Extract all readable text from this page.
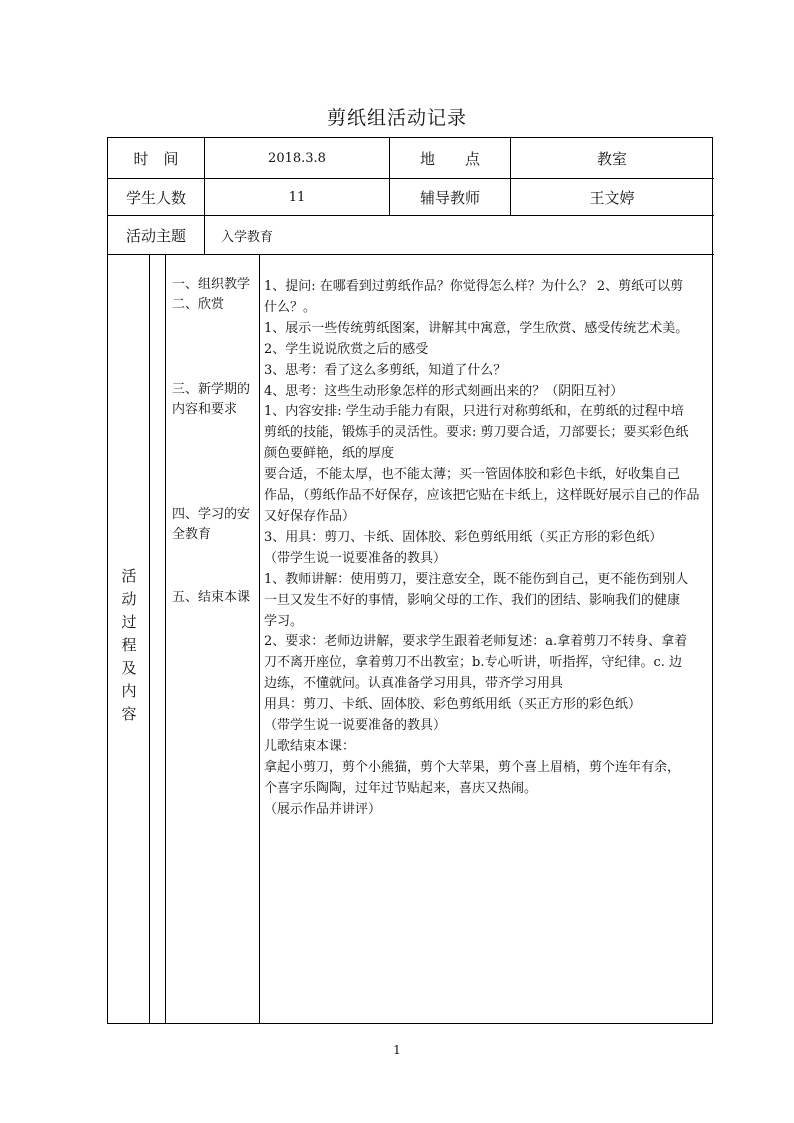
剪纸组活动记录
时　间	2018.3.8	地　　点	教室
学生人数	11	辅导教师	王文婷
活动主题	入学教育
活
动
过
程
及
内
容
一、组织教学
二、欣赏
三、新学期的
内容和要求
四、学习的安
全教育
五、结束本课
1、提问: 在哪看到过剪纸作品？你觉得怎么样？为什么？ 2、剪纸可以剪
什么？。
1、展示一些传统剪纸图案，讲解其中寓意，学生欣赏、感受传统艺术美。
2、学生说说欣赏之后的感受
3、思考：看了这么多剪纸，知道了什么？
4、思考：这些生动形象怎样的形式刻画出来的？（阴阳互衬）
1、内容安排: 学生动手能力有限，只进行对称剪纸和，在剪纸的过程中培
剪纸的技能，锻炼手的灵活性。要求: 剪刀要合适，刀部要长；要买彩色纸
颜色要鲜艳，纸的厚度
要合适，不能太厚，也不能太薄；买一管固体胶和彩色卡纸，好收集自己
作品，（剪纸作品不好保存，应该把它贴在卡纸上，这样既好展示自己的作品
又好保存作品）
3、用具：剪刀、卡纸、固体胶、彩色剪纸用纸（买正方形的彩色纸）
（带学生说一说要准备的教具）
1、教师讲解：使用剪刀，要注意安全，既不能伤到自己，更不能伤到别人
一旦又发生不好的事情，影响父母的工作、我们的团结、影响我们的健康
学习。
2、要求：老师边讲解，要求学生跟着老师复述：a.拿着剪刀不转身、拿着
刀不离开座位，拿着剪刀不出教室；b.专心听讲，听指挥，守纪律。c. 边
边练，不懂就问。认真准备学习用具，带齐学习用具
用具：剪刀、卡纸、固体胶、彩色剪纸用纸（买正方形的彩色纸）
（带学生说一说要准备的教具）
儿歌结束本课：
拿起小剪刀，剪个小熊猫，剪个大苹果，剪个喜上眉梢，剪个连年有余，
个喜字乐陶陶，过年过节贴起来，喜庆又热闹。
（展示作品并讲评）
1
